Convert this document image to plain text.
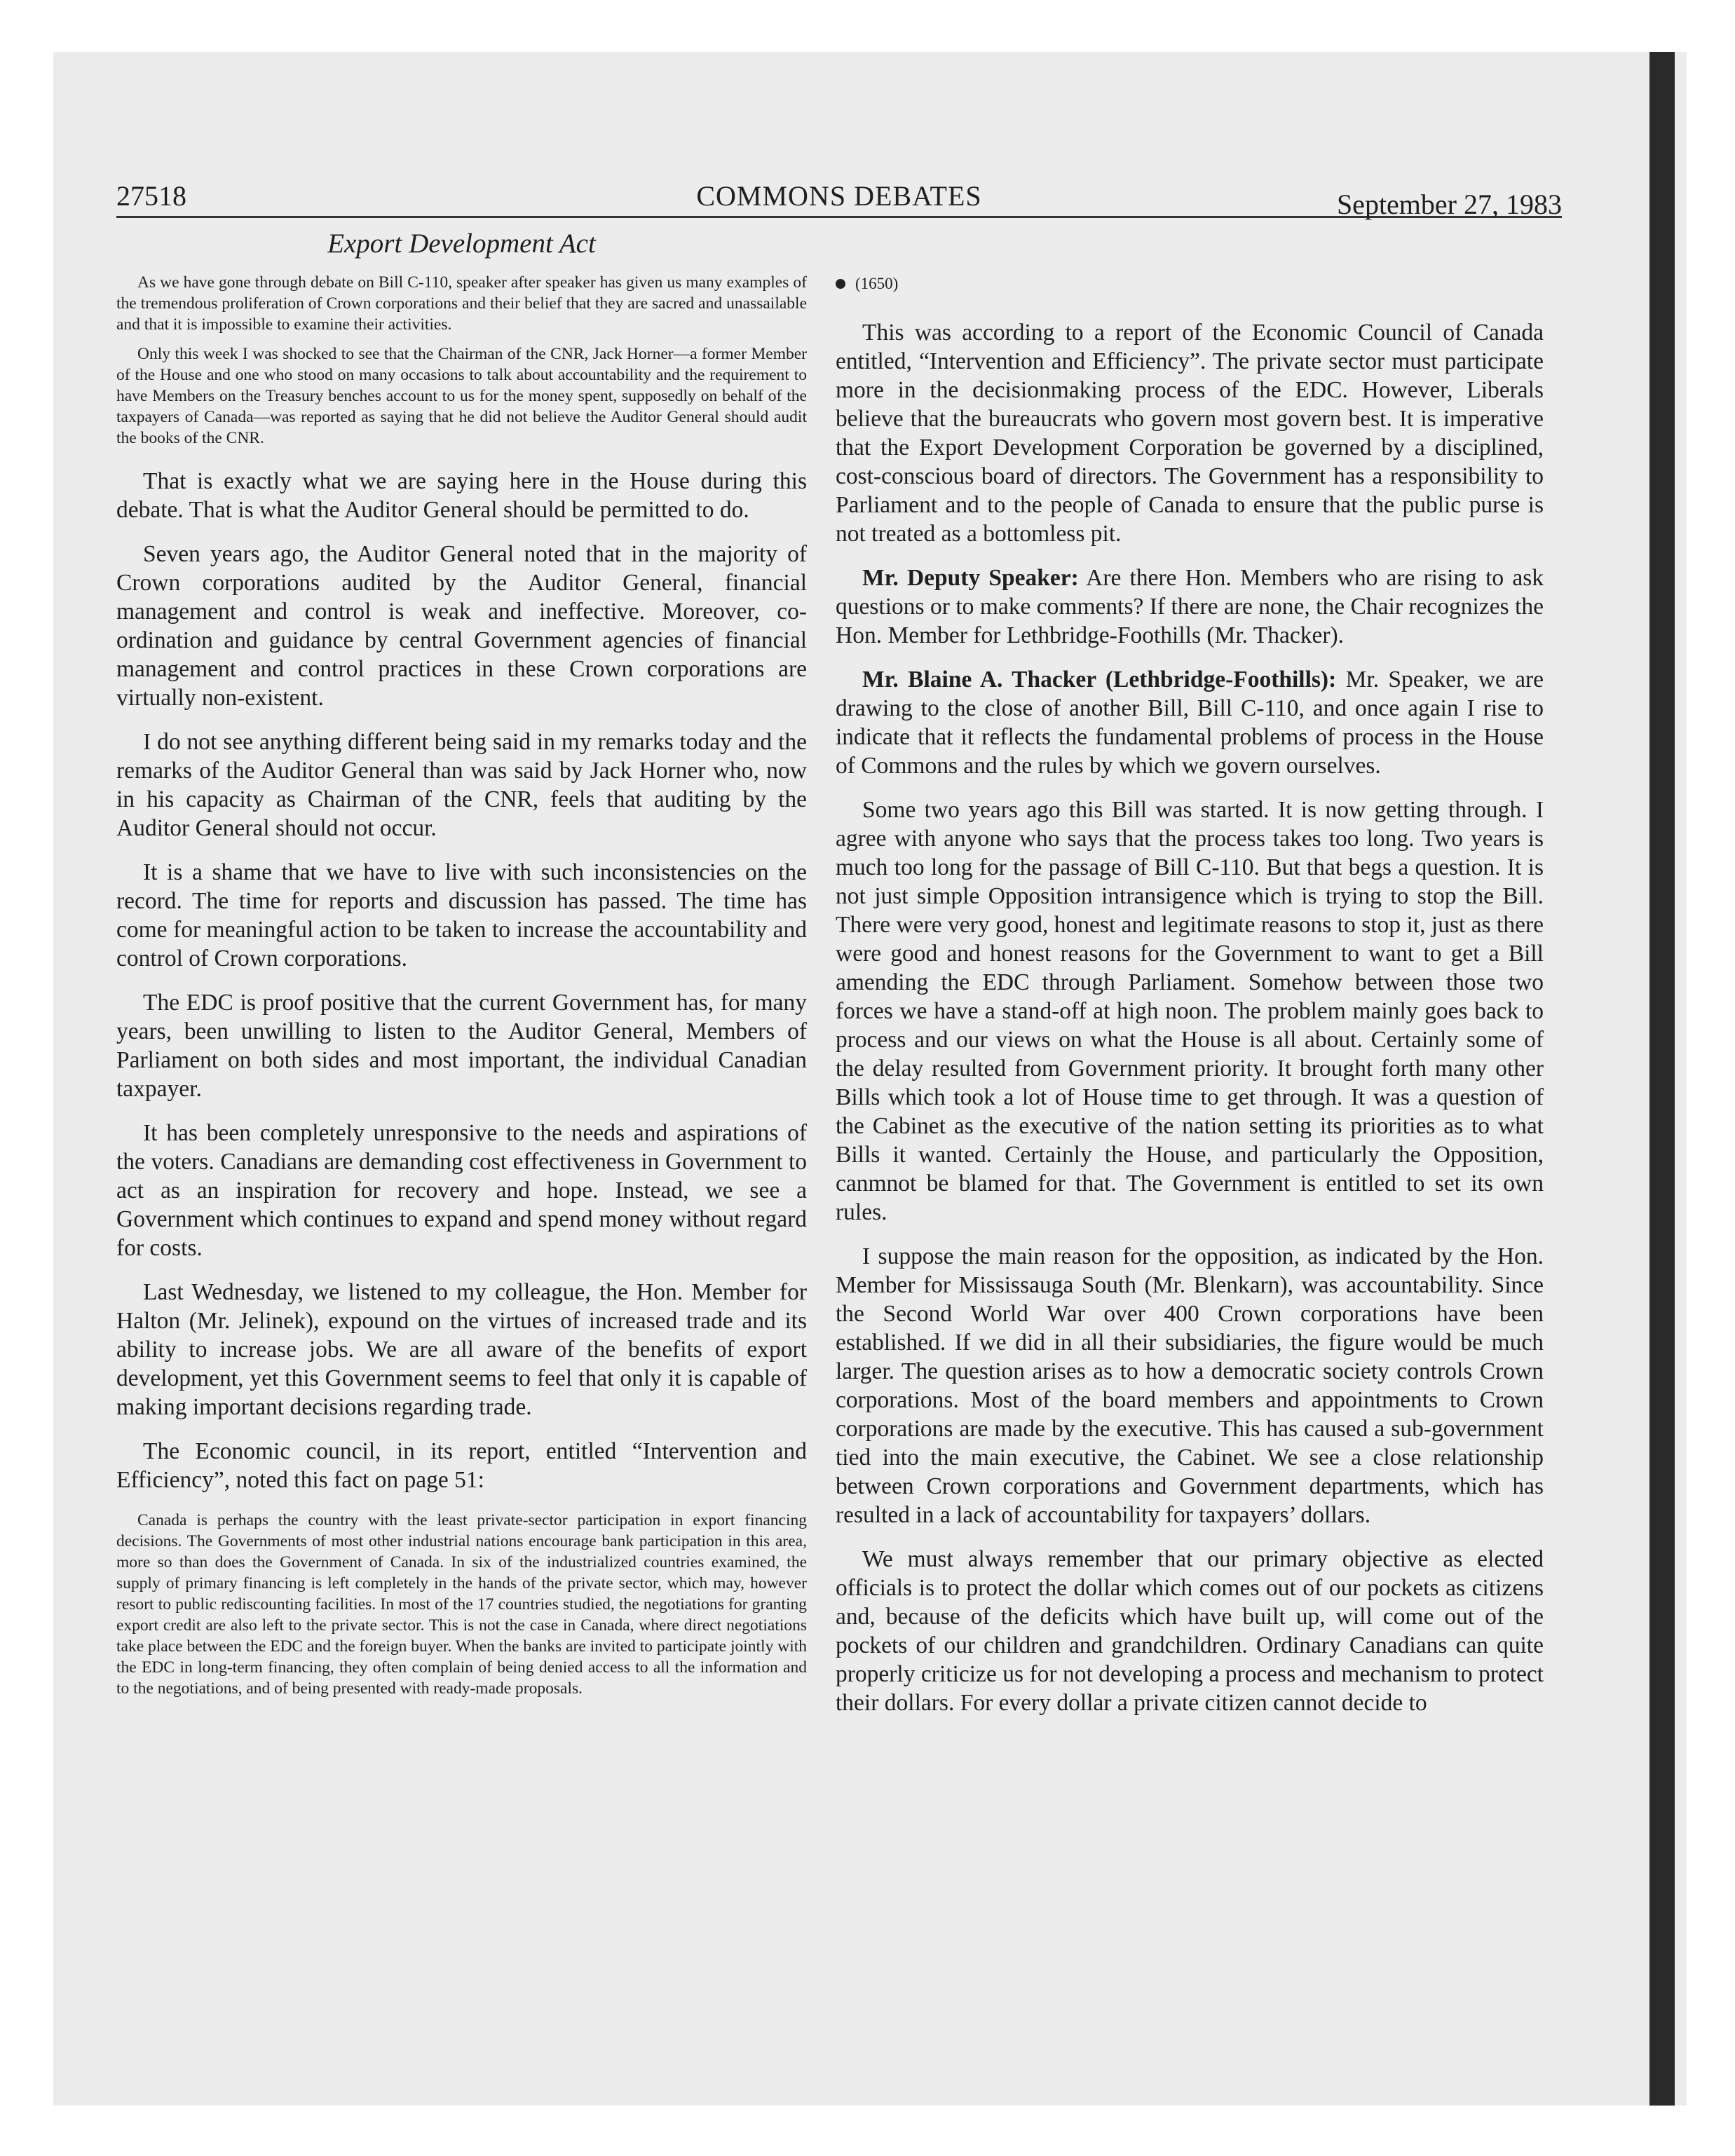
27518	COMMONS DEBATES	September 27, 1983
Export Development Act

As we have gone through debate on Bill C-110, speaker after speaker has given us many examples of the tremendous proliferation of Crown corporations and their belief that they are sacred and unassailable and that it is impossible to examine their activities.

Only this week I was shocked to see that the Chairman of the CNR, Jack Horner—a former Member of the House and one who stood on many occasions to talk about accountability and the requirement to have Members on the Treasury benches account to us for the money spent, supposedly on behalf of the taxpayers of Canada—was reported as saying that he did not believe the Auditor General should audit the books of the CNR.

That is exactly what we are saying here in the House during this debate. That is what the Auditor General should be permitted to do.

Seven years ago, the Auditor General noted that in the majority of Crown corporations audited by the Auditor General, financial management and control is weak and ineffective. Moreover, co-ordination and guidance by central Government agencies of financial management and control practices in these Crown corporations are virtually non-existent.

I do not see anything different being said in my remarks today and the remarks of the Auditor General than was said by Jack Horner who, now in his capacity as Chairman of the CNR, feels that auditing by the Auditor General should not occur.

It is a shame that we have to live with such inconsistencies on the record. The time for reports and discussion has passed. The time has come for meaningful action to be taken to increase the accountability and control of Crown corporations.

The EDC is proof positive that the current Government has, for many years, been unwilling to listen to the Auditor General, Members of Parliament on both sides and most important, the individual Canadian taxpayer.

It has been completely unresponsive to the needs and aspirations of the voters. Canadians are demanding cost effectiveness in Government to act as an inspiration for recovery and hope. Instead, we see a Government which continues to expand and spend money without regard for costs.

Last Wednesday, we listened to my colleague, the Hon. Member for Halton (Mr. Jelinek), expound on the virtues of increased trade and its ability to increase jobs. We are all aware of the benefits of export development, yet this Government seems to feel that only it is capable of making important decisions regarding trade.

The Economic council, in its report, entitled “Intervention and Efficiency”, noted this fact on page 51:

Canada is perhaps the country with the least private-sector participation in export financing decisions. The Governments of most other industrial nations encourage bank participation in this area, more so than does the Government of Canada. In six of the industrialized countries examined, the supply of primary financing is left completely in the hands of the private sector, which may, however resort to public rediscounting facilities. In most of the 17 countries studied, the negotiations for granting export credit are also left to the private sector. This is not the case in Canada, where direct negotiations take place between the EDC and the foreign buyer. When the banks are invited to participate jointly with the EDC in long-term financing, they often complain of being denied access to all the information and to the negotiations, and of being presented with ready-made proposals.

(1650)

This was according to a report of the Economic Council of Canada entitled, “Intervention and Efficiency”. The private sector must participate more in the decisionmaking process of the EDC. However, Liberals believe that the bureaucrats who govern most govern best. It is imperative that the Export Development Corporation be governed by a disciplined, cost-conscious board of directors. The Government has a responsibility to Parliament and to the people of Canada to ensure that the public purse is not treated as a bottomless pit.

Mr. Deputy Speaker: Are there Hon. Members who are rising to ask questions or to make comments? If there are none, the Chair recognizes the Hon. Member for Lethbridge-Foothills (Mr. Thacker).

Mr. Blaine A. Thacker (Lethbridge-Foothills): Mr. Speaker, we are drawing to the close of another Bill, Bill C-110, and once again I rise to indicate that it reflects the fundamental problems of process in the House of Commons and the rules by which we govern ourselves.

Some two years ago this Bill was started. It is now getting through. I agree with anyone who says that the process takes too long. Two years is much too long for the passage of Bill C-110. But that begs a question. It is not just simple Opposition intransigence which is trying to stop the Bill. There were very good, honest and legitimate reasons to stop it, just as there were good and honest reasons for the Government to want to get a Bill amending the EDC through Parliament. Somehow between those two forces we have a stand-off at high noon. The problem mainly goes back to process and our views on what the House is all about. Certainly some of the delay resulted from Government priority. It brought forth many other Bills which took a lot of House time to get through. It was a question of the Cabinet as the executive of the nation setting its priorities as to what Bills it wanted. Certainly the House, and particularly the Opposition, canmnot be blamed for that. The Government is entitled to set its own rules.

I suppose the main reason for the opposition, as indicated by the Hon. Member for Mississauga South (Mr. Blenkarn), was accountability. Since the Second World War over 400 Crown corporations have been established. If we did in all their subsidiaries, the figure would be much larger. The question arises as to how a democratic society controls Crown corporations. Most of the board members and appointments to Crown corporations are made by the executive. This has caused a sub-government tied into the main executive, the Cabinet. We see a close relationship between Crown corporations and Government departments, which has resulted in a lack of accountability for taxpayers’ dollars.

We must always remember that our primary objective as elected officials is to protect the dollar which comes out of our pockets as citizens and, because of the deficits which have built up, will come out of the pockets of our children and grandchildren. Ordinary Canadians can quite properly criticize us for not developing a process and mechanism to protect their dollars. For every dollar a private citizen cannot decide to
